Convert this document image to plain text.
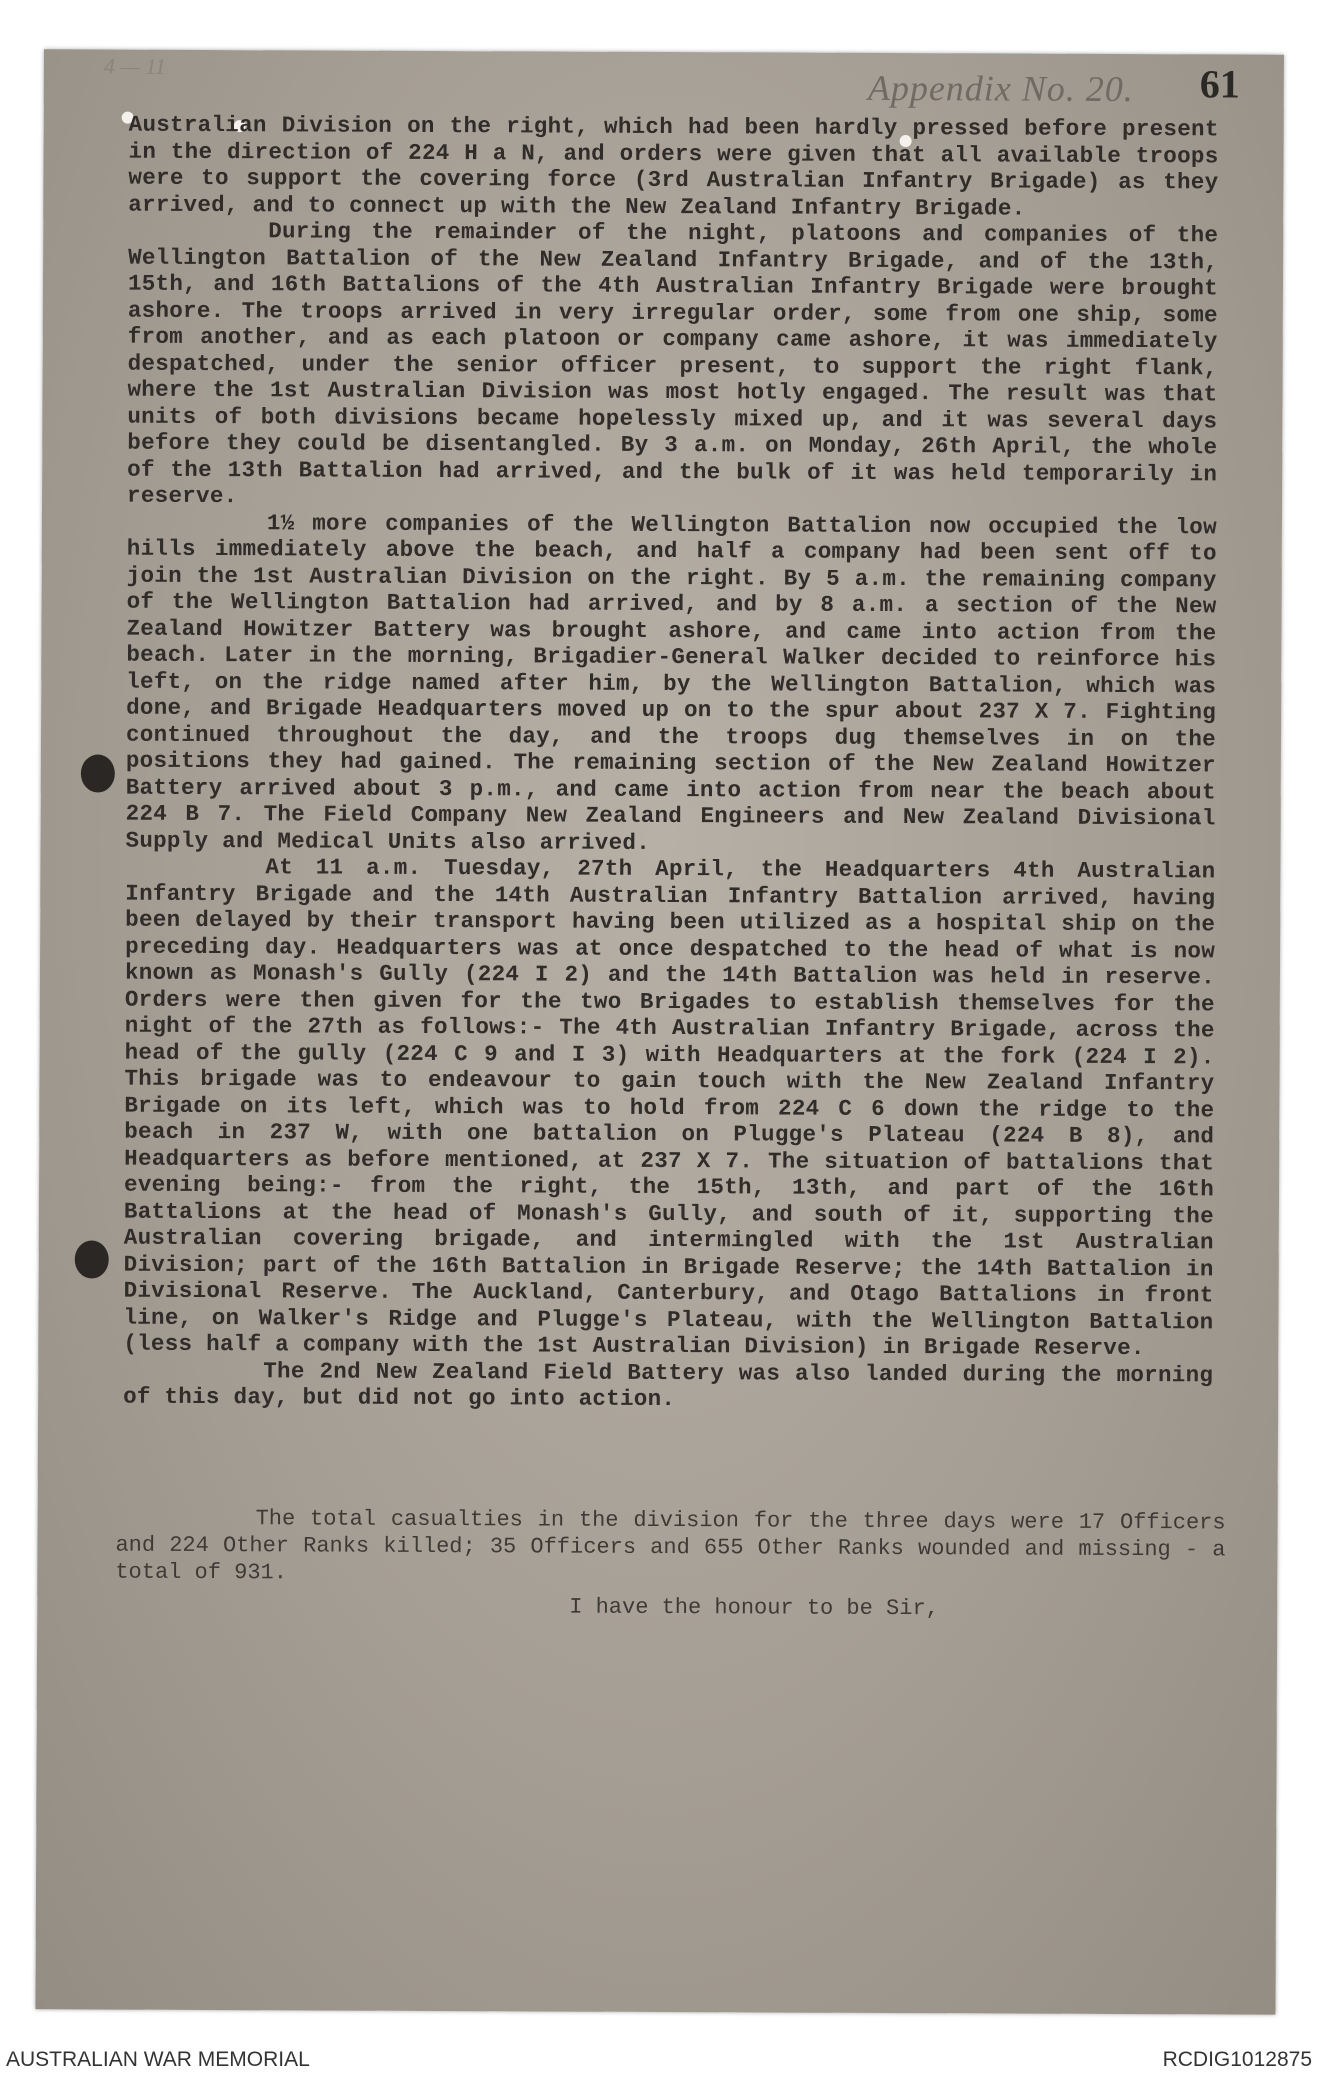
4 — 11
Appendix No. 20. 61

Australian Division on the right, which had been hardly pressed before present in the direction of 224 H a N, and orders were given that all available troops were to support the covering force (3rd Australian Infantry Brigade) as they arrived, and to connect up with the New Zealand Infantry Brigade.

During the remainder of the night, platoons and companies of the Wellington Battalion of the New Zealand Infantry Brigade, and of the 13th, 15th, and 16th Battalions of the 4th Australian Infantry Brigade were brought ashore. The troops arrived in very irregular order, some from one ship, some from another, and as each platoon or company came ashore, it was immediately despatched, under the senior officer present, to support the right flank, where the 1st Australian Division was most hotly engaged. The result was that units of both divisions became hopelessly mixed up, and it was several days before they could be disentangled. By 3 a.m. on Monday, 26th April, the whole of the 13th Battalion had arrived, and the bulk of it was held temporarily in reserve.

1½ more companies of the Wellington Battalion now occupied the low hills immediately above the beach, and half a company had been sent off to join the 1st Australian Division on the right. By 5 a.m. the remaining company of the Wellington Battalion had arrived, and by 8 a.m. a section of the New Zealand Howitzer Battery was brought ashore, and came into action from the beach. Later in the morning, Brigadier-General Walker decided to reinforce his left, on the ridge named after him, by the Wellington Battalion, which was done, and Brigade Headquarters moved up on to the spur about 237 X 7. Fighting continued throughout the day, and the troops dug themselves in on the positions they had gained. The remaining section of the New Zealand Howitzer Battery arrived about 3 p.m., and came into action from near the beach about 224 B 7. The Field Company New Zealand Engineers and New Zealand Divisional Supply and Medical Units also arrived.

At 11 a.m. Tuesday, 27th April, the Headquarters 4th Australian Infantry Brigade and the 14th Australian Infantry Battalion arrived, having been delayed by their transport having been utilized as a hospital ship on the preceding day. Headquarters was at once despatched to the head of what is now known as Monash's Gully (224 I 2) and the 14th Battalion was held in reserve. Orders were then given for the two Brigades to establish themselves for the night of the 27th as follows:- The 4th Australian Infantry Brigade, across the head of the gully (224 C 9 and I 3) with Headquarters at the fork (224 I 2). This brigade was to endeavour to gain touch with the New Zealand Infantry Brigade on its left, which was to hold from 224 C 6 down the ridge to the beach in 237 W, with one battalion on Plugge's Plateau (224 B 8), and Headquarters as before mentioned, at 237 X 7. The situation of battalions that evening being:- from the right, the 15th, 13th, and part of the 16th Battalions at the head of Monash's Gully, and south of it, supporting the Australian covering brigade, and intermingled with the 1st Australian Division; part of the 16th Battalion in Brigade Reserve; the 14th Battalion in Divisional Reserve. The Auckland, Canterbury, and Otago Battalions in front line, on Walker's Ridge and Plugge's Plateau, with the Wellington Battalion (less half a company with the 1st Australian Division) in Brigade Reserve.

The 2nd New Zealand Field Battery was also landed during the morning of this day, but did not go into action.

The total casualties in the division for the three days were 17 Officers and 224 Other Ranks killed; 35 Officers and 655 Other Ranks wounded and missing - a total of 931.

I have the honour to be Sir,
AUSTRALIAN WAR MEMORIAL	RCDIG1012875
